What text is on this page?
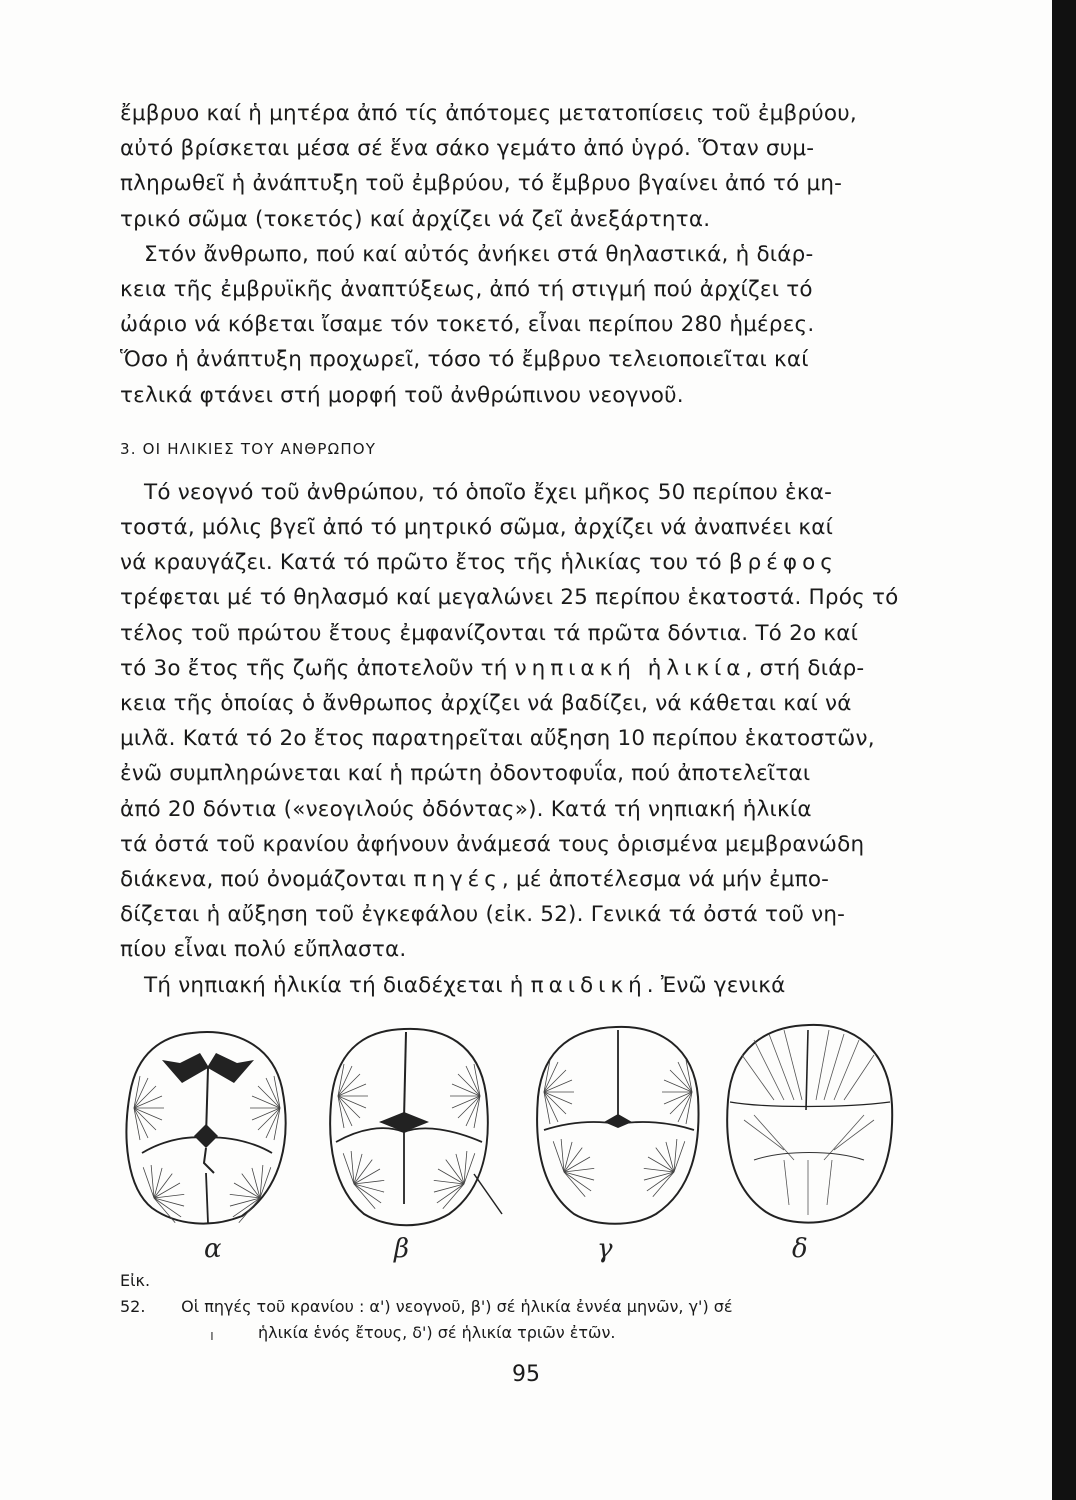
ἔμβρυο καί ἡ μητέρα ἀπό τίς ἀπότομες μετατοπίσεις τοῦ ἐμβρύου,
αὐτό βρίσκεται μέσα σέ ἕνα σάκο γεμάτο ἀπό ὑγρό. Ὅταν συμ-
πληρωθεῖ ἡ ἀνάπτυξη τοῦ ἐμβρύου, τό ἔμβρυο βγαίνει ἀπό τό μη-
τρικό σῶμα (τοκετός) καί ἀρχίζει νά ζεῖ ἀνεξάρτητα.

Στόν ἄνθρωπο, πού καί αὐτός ἀνήκει στά θηλαστικά, ἡ διάρ-
κεια τῆς ἐμβρυϊκῆς ἀναπτύξεως, ἀπό τή στιγμή πού ἀρχίζει τό
ὠάριο νά κόβεται ἴσαμε τόν τοκετό, εἶναι περίπου 280 ἡμέρες.
Ὅσο ἡ ἀνάπτυξη προχωρεῖ, τόσο τό ἔμβρυο τελειοποιεῖται καί
τελικά φτάνει στή μορφή τοῦ ἀνθρώπινου νεογνοῦ.

3. ΟΙ ΗΛΙΚΙΕΣ ΤΟΥ ΑΝΘΡΩΠΟΥ

Τό νεογνό τοῦ ἀνθρώπου, τό ὁποῖο ἔχει μῆκος 50 περίπου ἑκα-
τοστά, μόλις βγεῖ ἀπό τό μητρικό σῶμα, ἀρχίζει νά ἀναπνέει καί
νά κραυγάζει. Κατά τό πρῶτο ἔτος τῆς ἡλικίας του τό βρέφος
τρέφεται μέ τό θηλασμό καί μεγαλώνει 25 περίπου ἑκατοστά. Πρός τό
τέλος τοῦ πρώτου ἔτους ἐμφανίζονται τά πρῶτα δόντια. Τό 2ο καί
τό 3ο ἔτος τῆς ζωῆς ἀποτελοῦν τή νηπιακή ἡλικία, στή διάρ-
κεια τῆς ὁποίας ὁ ἄνθρωπος ἀρχίζει νά βαδίζει, νά κάθεται καί νά
μιλᾶ. Κατά τό 2ο ἔτος παρατηρεῖται αὔξηση 10 περίπου ἑκατοστῶν,
ἐνῶ συμπληρώνεται καί ἡ πρώτη ὀδοντοφυΐα, πού ἀποτελεῖται
ἀπό 20 δόντια («νεογιλούς ὀδόντας»). Κατά τή νηπιακή ἡλικία
τά ὀστά τοῦ κρανίου ἀφήνουν ἀνάμεσά τους ὁρισμένα μεμβρανώδη
διάκενα, πού ὀνομάζονται πηγές, μέ ἀποτέλεσμα νά μήν ἐμπο-
δίζεται ἡ αὔξηση τοῦ ἐγκεφάλου (εἰκ. 52). Γενικά τά ὀστά τοῦ νη-
πίου εἶναι πολύ εὔπλαστα.

Τή νηπιακή ἡλικία τή διαδέχεται ἡ παιδική. Ἐνῶ γενικά

α	β	γ	δ
Εἰκ. 52. Οἱ πηγές τοῦ κρανίου : α') νεογνοῦ, β') σέ ἡλικία ἐννέα μηνῶν, γ') σέ
ἡλικία ἑνός ἔτους, δ') σέ ἡλικία τριῶν ἐτῶν.
ı
95
